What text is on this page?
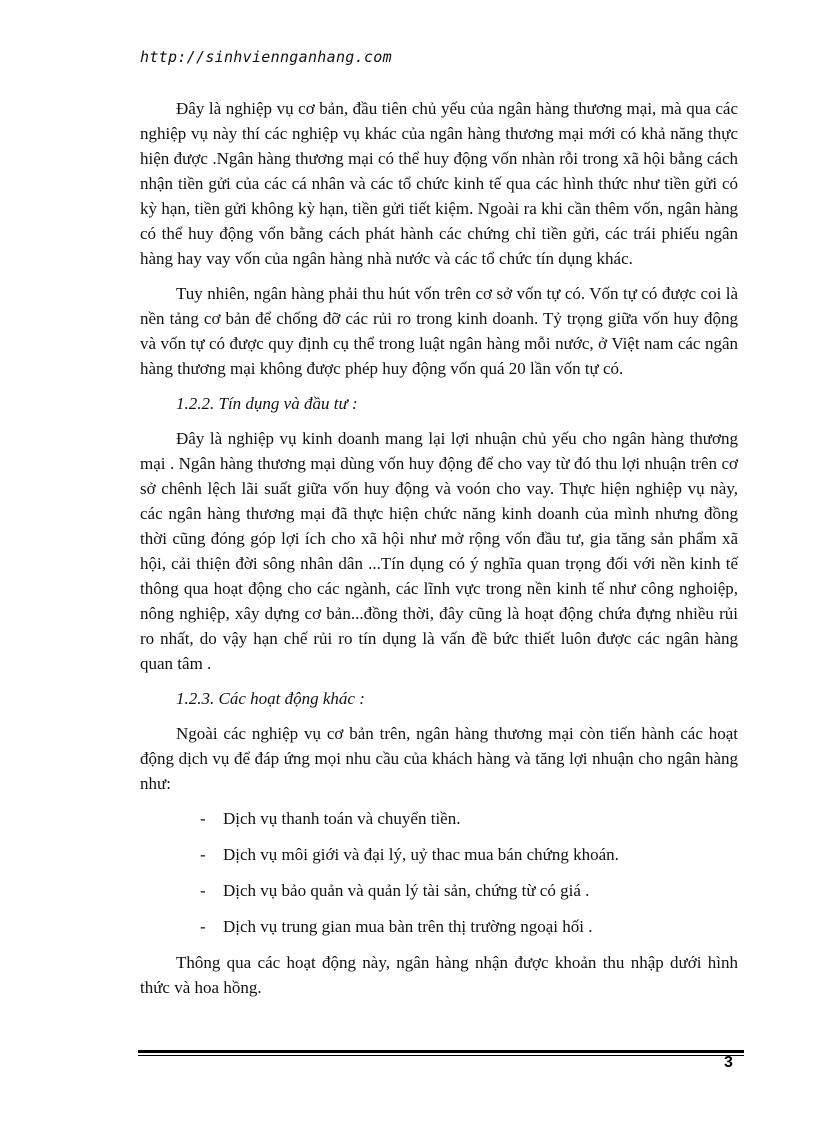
http://sinhviennganhang.com

Đây là nghiệp vụ cơ bản, đầu tiên chủ yếu của ngân hàng thương mại, mà qua các nghiệp vụ này thí các nghiệp vụ khác của ngân hàng thương mại mới có khả năng thực hiện được .Ngân hàng thương mại có thể huy động vốn nhàn rỗi trong xã hội bằng cách nhận tiền gửi của các cá nhân và các tổ chức kinh tế qua các hình thức như tiền gửi có kỳ hạn, tiền gửi không kỳ hạn, tiền gửi tiết kiệm. Ngoài ra khi cần thêm vốn, ngân hàng có thể huy động vốn bằng cách phát hành các chứng chỉ tiền gửi, các trái phiếu ngân hàng hay vay vốn của ngân hàng nhà nước và các tổ chức tín dụng khác.

Tuy nhiên, ngân hàng phải thu hút vốn trên cơ sở vốn tự có. Vốn tự có được coi là nền tảng cơ bản để chống đỡ các rủi ro trong kinh doanh. Tỷ trọng giữa vốn huy động và vốn tự có được quy định cụ thể trong luật ngân hàng mỗi nước, ở Việt nam các ngân hàng thương mại không được phép huy động vốn quá 20 lần vốn tự có.

1.2.2. Tín dụng và đầu tư :

Đây là nghiệp vụ kinh doanh mang lại lợi nhuận chủ yếu cho ngân hàng thương mại . Ngân hàng thương mại dùng vốn huy động để cho vay từ đó thu lợi nhuận trên cơ sở chênh lệch lãi suất giữa vốn huy động và voón cho vay. Thực hiện nghiệp vụ này, các ngân hàng thương mại đã thực hiện chức năng kinh doanh của mình nhưng đồng thời cũng đóng góp lợi ích cho xã hội như mở rộng vốn đầu tư, gia tăng sản phẩm xã hội, cải thiện đời sông nhân dân ...Tín dụng có ý nghĩa quan trọng đối với nền kinh tế thông qua hoạt động cho các ngành, các lĩnh vực trong nền kinh tế như công nghoiệp, nông nghiệp, xây dựng cơ bản...đồng thời, đây cũng là hoạt động chứa đựng nhiều rủi ro nhất, do vậy hạn chế rủi ro tín dụng là vấn đề bức thiết luôn được các ngân hàng quan tâm .

1.2.3. Các hoạt động khác :

Ngoài các nghiệp vụ cơ bản trên, ngân hàng thương mại còn tiến hành các hoạt động dịch vụ để đáp ứng mọi nhu cầu của khách hàng và tăng lợi nhuận cho ngân hàng như:

-	Dịch vụ thanh toán và chuyển tiền.
-	Dịch vụ môi giới và đại lý, uỷ thac mua bán chứng khoán.
-	Dịch vụ bảo quản và quản lý tài sản, chứng từ có giá .
-	Dịch vụ trung gian mua bàn trên thị trường ngoại hối .

Thông qua các hoạt động này, ngân hàng nhận được khoản thu nhập dưới hình thức và hoa hồng.

3
